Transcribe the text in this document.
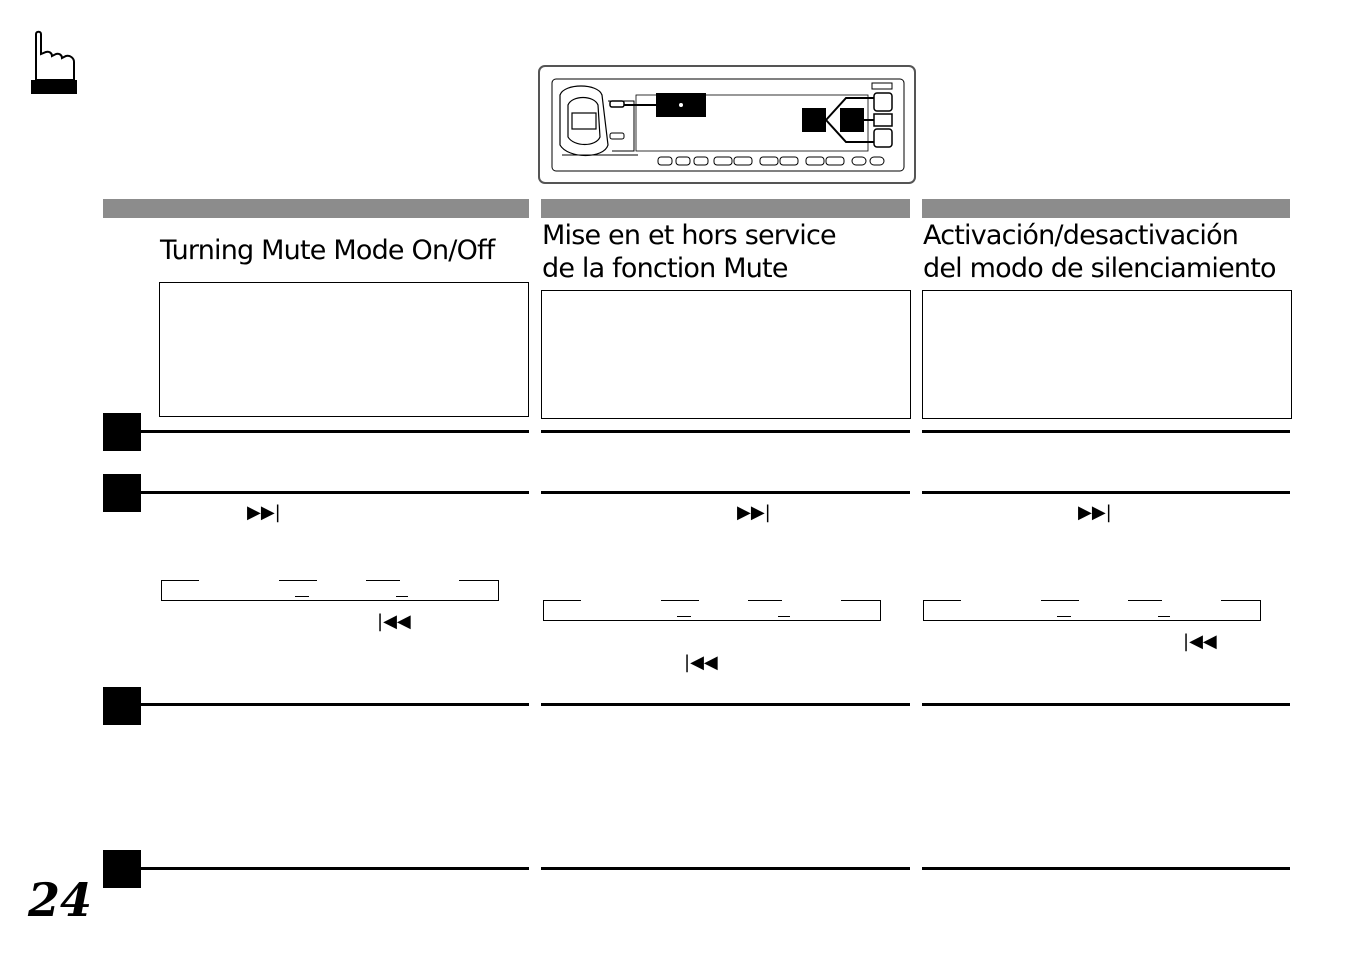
Turning Mute Mode On/Off Mise en et hors service
de la fonction Mute
Activación/desactivación
del modo de silenciamiento
▶▶|
|◀◀
▶▶|
|◀◀
▶▶|
|◀◀
24
